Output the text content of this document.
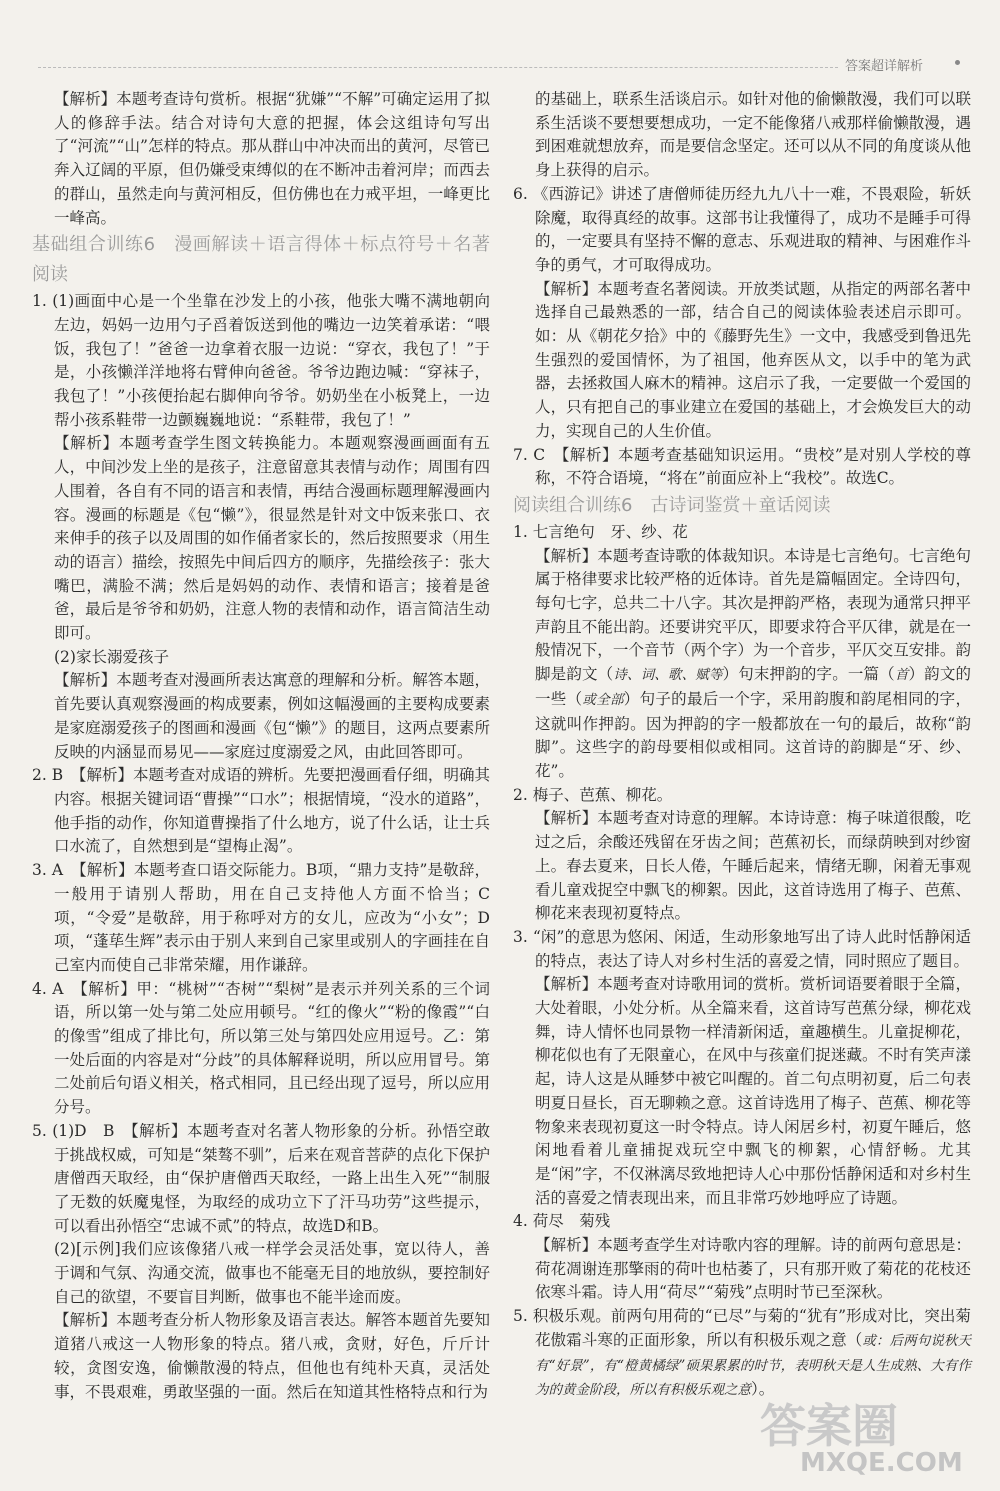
答案超详解析

【解析】本题考查诗句赏析。根据“犹嫌”“不解”可确定运用了拟人的修辞手法。结合对诗句大意的把握，体会这组诗句写出了“河流”“山”怎样的特点。那从群山中冲决而出的黄河，尽管已奔入辽阔的平原，但仍嫌受束缚似的在不断冲击着河岸；而西去的群山，虽然走向与黄河相反，但仿佛也在力戒平坦，一峰更比一峰高。

基础组合训练6　漫画解读＋语言得体＋标点符号＋名著阅读

1. (1)画面中心是一个坐靠在沙发上的小孩，他张大嘴不满地朝向左边，妈妈一边用勺子舀着饭送到他的嘴边一边笑着承诺：“喂饭，我包了！”爸爸一边拿着衣服一边说：“穿衣，我包了！”于是，小孩懒洋洋地将右臂伸向爸爸。爷爷边跑边喊：“穿袜子，我包了！”小孩便抬起右脚伸向爷爷。奶奶坐在小板凳上，一边帮小孩系鞋带一边颤巍巍地说：“系鞋带，我包了！”

【解析】本题考查学生图文转换能力。本题观察漫画画面有五人，中间沙发上坐的是孩子，注意留意其表情与动作；周围有四人围着，各自有不同的语言和表情，再结合漫画标题理解漫画内容。漫画的标题是《包“懒”》，很显然是针对文中饭来张口、衣来伸手的孩子以及周围的如作俑者家长的，然后按照要求（用生动的语言）描绘，按照先中间后四方的顺序，先描绘孩子：张大嘴巴，满脸不满；然后是妈妈的动作、表情和语言；接着是爸爸，最后是爷爷和奶奶，注意人物的表情和动作，语言简洁生动即可。

(2)家长溺爱孩子

【解析】本题考查对漫画所表达寓意的理解和分析。解答本题，首先要认真观察漫画的构成要素，例如这幅漫画的主要构成要素是家庭溺爱孩子的图画和漫画《包“懒”》的题目，这两点要素所反映的内涵显而易见——家庭过度溺爱之风，由此回答即可。

2. B　【解析】本题考查对成语的辨析。先要把漫画看仔细，明确其内容。根据关键词语“曹操”“口水”；根据情境，“没水的道路”，他手指的动作，你知道曹操指了什么地方，说了什么话，让士兵口水流了，自然想到是“望梅止渴”。

3. A　【解析】本题考查口语交际能力。B项，“鼎力支持”是敬辞，一般用于请别人帮助，用在自己支持他人方面不恰当；C项，“令爱”是敬辞，用于称呼对方的女儿，应改为“小女”；D项，“蓬荜生辉”表示由于别人来到自己家里或别人的字画挂在自己室内而使自己非常荣耀，用作谦辞。

4. A　【解析】甲：“桃树”“杏树”“梨树”是表示并列关系的三个词语，所以第一处与第二处应用顿号。“红的像火”“粉的像霞”“白的像雪”组成了排比句，所以第三处与第四处应用逗号。乙：第一处后面的内容是对“分歧”的具体解释说明，所以应用冒号。第二处前后句语义相关，格式相同，且已经出现了逗号，所以应用分号。

5. (1)D　B　【解析】本题考查对名著人物形象的分析。孙悟空敢于挑战权威，可知是“桀骜不驯”，后来在观音菩萨的点化下保护唐僧西天取经，由“保护唐僧西天取经，一路上出生入死”“制服了无数的妖魔鬼怪，为取经的成功立下了汗马功劳”这些提示，可以看出孙悟空“忠诚不贰”的特点，故选D和B。

(2)[示例]我们应该像猪八戒一样学会灵活处事，宽以待人，善于调和气氛、沟通交流，做事也不能毫无目的地放纵，要控制好自己的欲望，不要盲目判断，做事也不能半途而废。

【解析】本题考查分析人物形象及语言表达。解答本题首先要知道猪八戒这一人物形象的特点。猪八戒，贪财，好色，斤斤计较，贪图安逸，偷懒散漫的特点，但他也有纯朴天真，灵活处事，不畏艰难，勇敢坚强的一面。然后在知道其性格特点和行为

的基础上，联系生活谈启示。如针对他的偷懒散漫，我们可以联系生活谈不要想要想成功，一定不能像猪八戒那样偷懒散漫，遇到困难就想放弃，而是要信念坚定。还可以从不同的角度谈从他身上获得的启示。

6. 《西游记》讲述了唐僧师徒历经九九八十一难，不畏艰险，斩妖除魔，取得真经的故事。这部书让我懂得了，成功不是睡手可得的，一定要具有坚持不懈的意志、乐观进取的精神、与困难作斗争的勇气，才可取得成功。

【解析】本题考查名著阅读。开放类试题，从指定的两部名著中选择自己最熟悉的一部，结合自己的阅读体验表述启示即可。如：从《朝花夕拾》中的《藤野先生》一文中，我感受到鲁迅先生强烈的爱国情怀，为了祖国，他弃医从文，以手中的笔为武器，去拯救国人麻木的精神。这启示了我，一定要做一个爱国的人，只有把自己的事业建立在爱国的基础上，才会焕发巨大的动力，实现自己的人生价值。

7. C　【解析】本题考查基础知识运用。“贵校”是对别人学校的尊称，不符合语境，“将在”前面应补上“我校”。故选C。

阅读组合训练6　古诗词鉴赏＋童话阅读

1. 七言绝句　牙、纱、花

【解析】本题考查诗歌的体裁知识。本诗是七言绝句。七言绝句属于格律要求比较严格的近体诗。首先是篇幅固定。全诗四句，每句七字，总共二十八字。其次是押韵严格，表现为通常只押平声韵且不能出韵。还要讲究平仄，即要求符合平仄律，就是在一般情况下，一个音节（两个字）为一个音步，平仄交互安排。韵脚是韵文（诗、词、歌、赋等）句末押韵的字。一篇（首）韵文的一些（或全部）句子的最后一个字，采用韵腹和韵尾相同的字，这就叫作押韵。因为押韵的字一般都放在一句的最后，故称“韵脚”。这些字的韵母要相似或相同。这首诗的韵脚是“牙、纱、花”。

2. 梅子、芭蕉、柳花。

【解析】本题考查对诗意的理解。本诗诗意：梅子味道很酸，吃过之后，余酸还残留在牙齿之间；芭蕉初长，而绿荫映到对纱窗上。春去夏来，日长人倦，午睡后起来，情绪无聊，闲着无事观看儿童戏捉空中飘飞的柳絮。因此，这首诗选用了梅子、芭蕉、柳花来表现初夏特点。

3. “闲”的意思为悠闲、闲适，生动形象地写出了诗人此时恬静闲适的特点，表达了诗人对乡村生活的喜爱之情，同时照应了题目。

【解析】本题考查对诗歌用词的赏析。赏析词语要着眼于全篇，大处着眼，小处分析。从全篇来看，这首诗写芭蕉分绿，柳花戏舞，诗人情怀也同景物一样清新闲适，童趣横生。儿童捉柳花，柳花似也有了无限童心，在风中与孩童们捉迷藏。不时有笑声漾起，诗人这是从睡梦中被它叫醒的。首二句点明初夏，后二句表明夏日昼长，百无聊赖之意。这首诗选用了梅子、芭蕉、柳花等物象来表现初夏这一时令特点。诗人闲居乡村，初夏午睡后，悠闲地看着儿童捕捉戏玩空中飘飞的柳絮，心情舒畅。尤其是“闲”字，不仅淋漓尽致地把诗人心中那份恬静闲适和对乡村生活的喜爱之情表现出来，而且非常巧妙地呼应了诗题。

4. 荷尽　菊残

【解析】本题考查学生对诗歌内容的理解。诗的前两句意思是：荷花凋谢连那擎雨的荷叶也枯萎了，只有那开败了菊花的花枝还依寒斗霜。诗人用“荷尽”“菊残”点明时节已至深秋。

5. 积极乐观。前两句用荷的“已尽”与菊的“犹有”形成对比，突出菊花傲霜斗寒的正面形象，所以有积极乐观之意（或：后两句说秋天有“好景”，有“橙黄橘绿”硕果累累的时节，表明秋天是人生成熟、大有作为的黄金阶段，所以有积极乐观之意）。

答案圈
MXQE.COM
